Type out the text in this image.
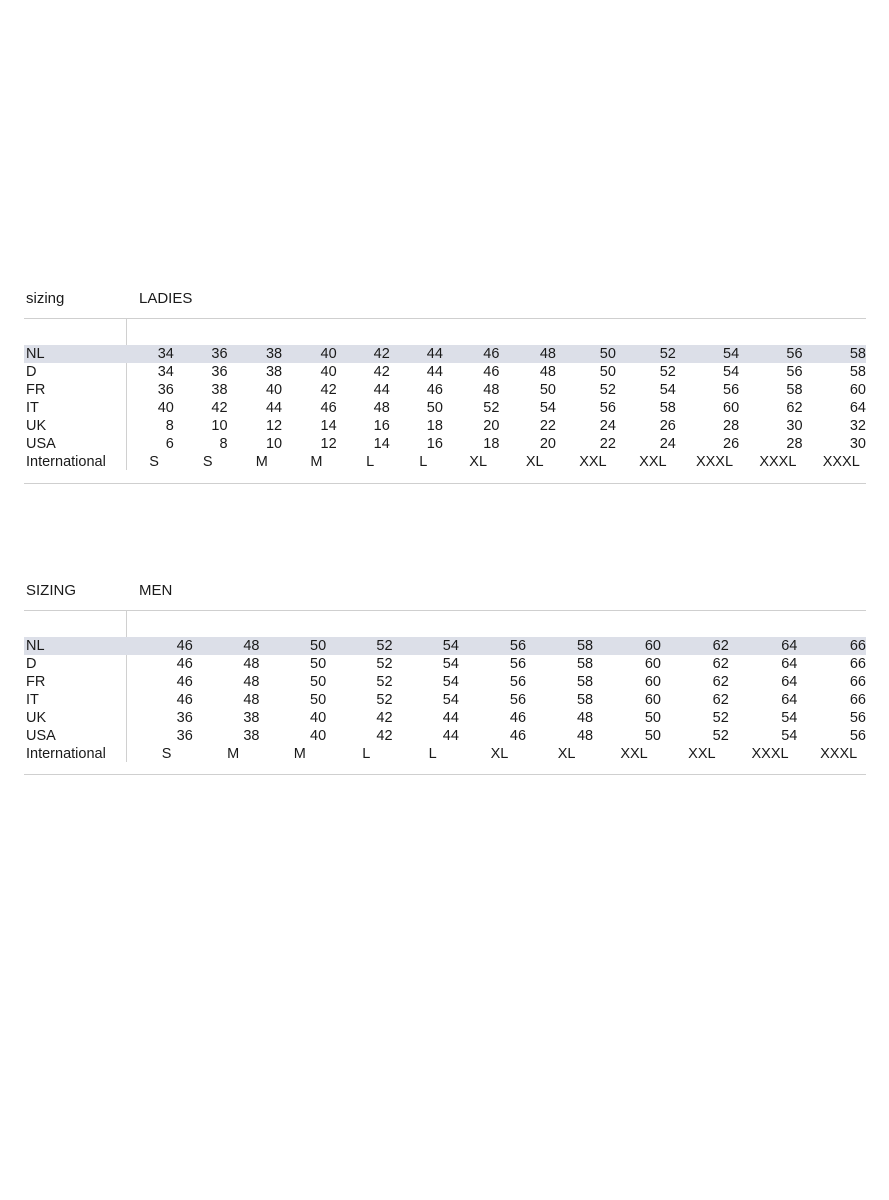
sizing	LADIES
NL	34	36	38	40	42	44	46	48	50	52	54	56	58
D	34	36	38	40	42	44	46	48	50	52	54	56	58
FR	36	38	40	42	44	46	48	50	52	54	56	58	60
IT	40	42	44	46	48	50	52	54	56	58	60	62	64
UK	8	10	12	14	16	18	20	22	24	26	28	30	32
USA	6	8	10	12	14	16	18	20	22	24	26	28	30
International	S	S	M	M	L	L	XL	XL	XXL	XXL	XXXL	XXXL	XXXL
SIZING	MEN
NL	46	48	50	52	54	56	58	60	62	64	66
D	46	48	50	52	54	56	58	60	62	64	66
FR	46	48	50	52	54	56	58	60	62	64	66
IT	46	48	50	52	54	56	58	60	62	64	66
UK	36	38	40	42	44	46	48	50	52	54	56
USA	36	38	40	42	44	46	48	50	52	54	56
International	S	M	M	L	L	XL	XL	XXL	XXL	XXXL	XXXL
